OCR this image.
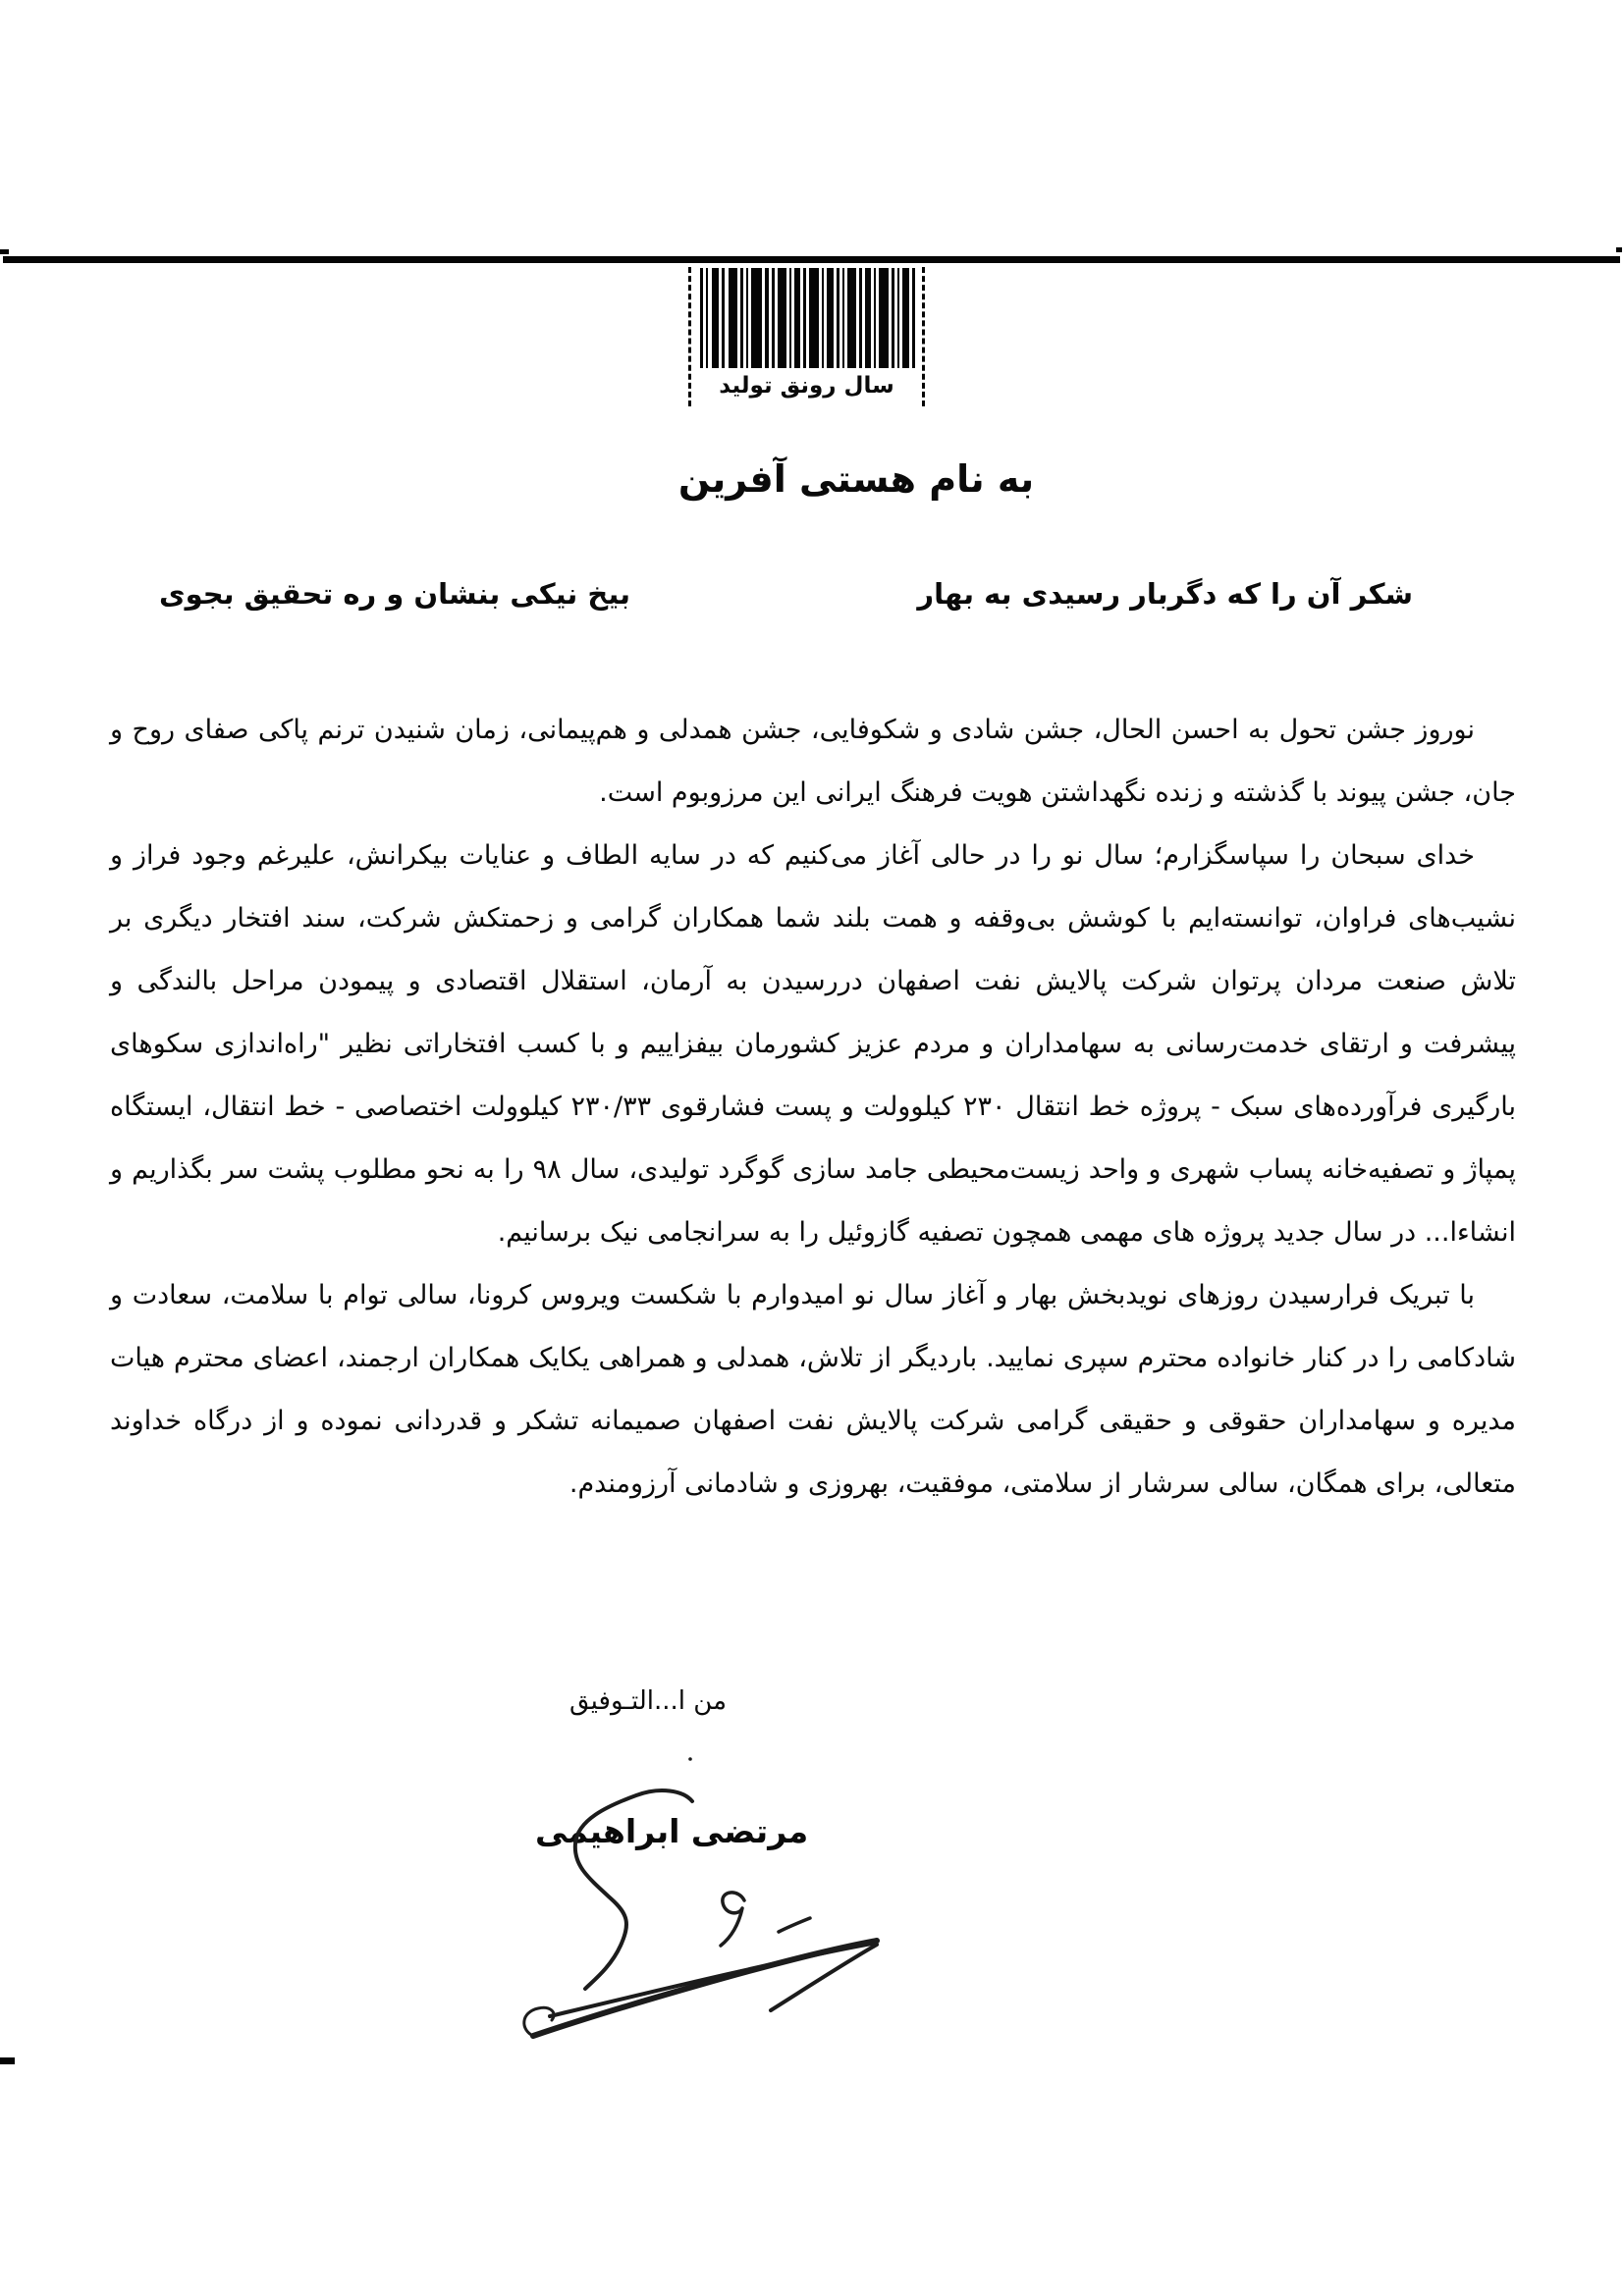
سال رونق تولید
به نام هستی آفرین
شکر آن را که دگربار رسیدی به بهار
بیخ نیکی بنشان و ره تحقیق بجوی

نوروز جشن تحول به احسن الحال، جشن شادی و شکوفایی، جشن همدلی و هم‌پیمانی، زمان شنیدن ترنم پاکی صفای روح و جان، جشن پیوند با گذشته و زنده نگهداشتن هویت فرهنگ ایرانی این مرزوبوم است.

خدای سبحان را سپاسگزارم؛ سال نو را در حالی آغاز می‌کنیم که در سایه الطاف و عنایات بیکرانش، علیرغم وجود فراز و نشیب‌های فراوان، توانسته‌ایم با کوشش بی‌وقفه و همت بلند شما همکاران گرامی و زحمتکش شرکت، سند افتخار دیگری بر تلاش صنعت مردان پرتوان شرکت پالایش نفت اصفهان دررسیدن به آرمان، استقلال اقتصادی و پیمودن مراحل بالندگی و پیشرفت و ارتقای خدمت‌رسانی به سهامداران و مردم عزیز کشورمان بیفزاییم و با کسب افتخاراتی نظیر "راه‌اندازی سکوهای بارگیری فرآورده‌های سبک - پروژه خط انتقال ۲۳۰ کیلوولت و پست فشارقوی ۲۳۰/۳۳ کیلوولت اختصاصی - خط انتقال، ایستگاه پمپاژ و تصفیه‌خانه پساب شهری و واحد زیست‌محیطی جامد سازی گوگرد تولیدی، سال ۹۸ را به نحو مطلوب پشت سر بگذاریم و انشاءا... در سال جدید پروژه های مهمی همچون تصفیه گازوئیل را به سرانجامی نیک برسانیم.

با تبریک فرارسیدن روزهای نویدبخش بهار و آغاز سال نو امیدوارم با شکست ویروس کرونا، سالی توام با سلامت، سعادت و شادکامی را در کنار خانواده محترم سپری نمایید. باردیگر از تلاش، همدلی و همراهی یکایک همکاران ارجمند، اعضای محترم هیات مدیره و سهامداران حقوقی و حقیقی گرامی شرکت پالایش نفت اصفهان صمیمانه تشکر و قدردانی نموده و از درگاه خداوند متعالی، برای همگان، سالی سرشار از سلامتی، موفقیت، بهروزی و شادمانی آرزومندم.

من ا...التـوفیق
مرتضی ابراهیمی
